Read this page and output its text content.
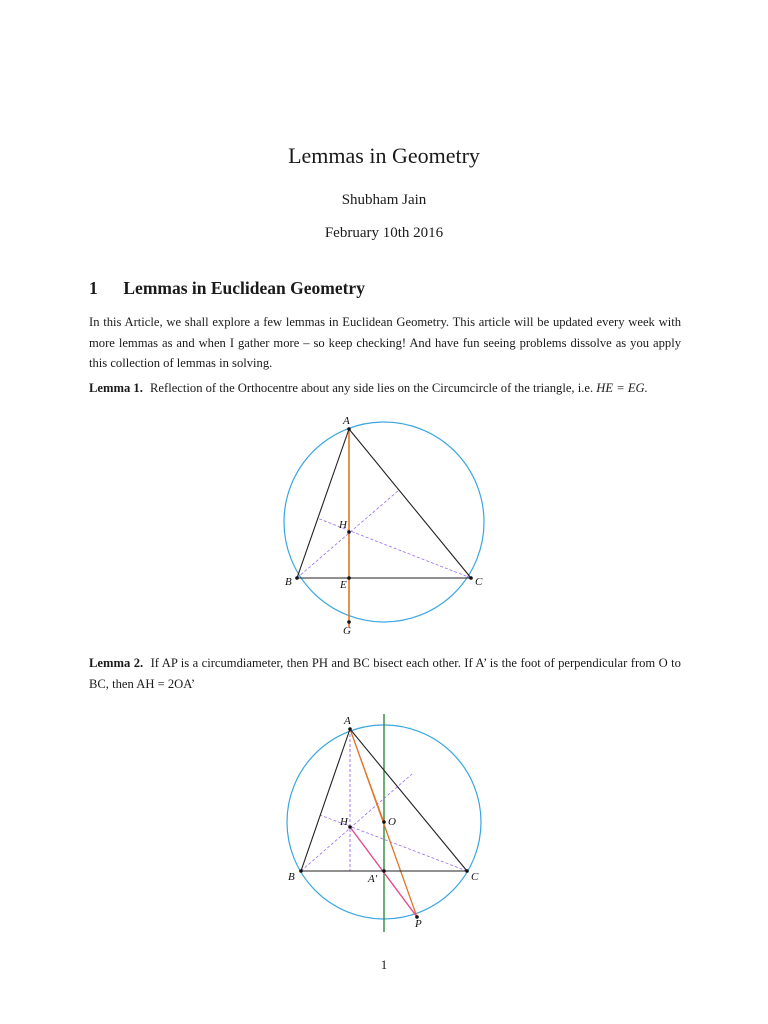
Lemmas in Geometry
Shubham Jain
February 10th 2016
1 Lemmas in Euclidean Geometry
In this Article, we shall explore a few lemmas in Euclidean Geometry. This article will be updated every week with more lemmas as and when I gather more – so keep checking! And have fun seeing problems dissolve as you apply this collection of lemmas in solving.
Lemma 1. Reflection of the Orthocentre about any side lies on the Circumcircle of the triangle, i.e. HE = EG.
A
H
B	E	C
G
Lemma 2. If AP is a circumdiameter, then PH and BC bisect each other. If A’ is the foot of perpendicular from O to BC, then AH = 2OA’
A
H	O
B	A′	C
P
1
